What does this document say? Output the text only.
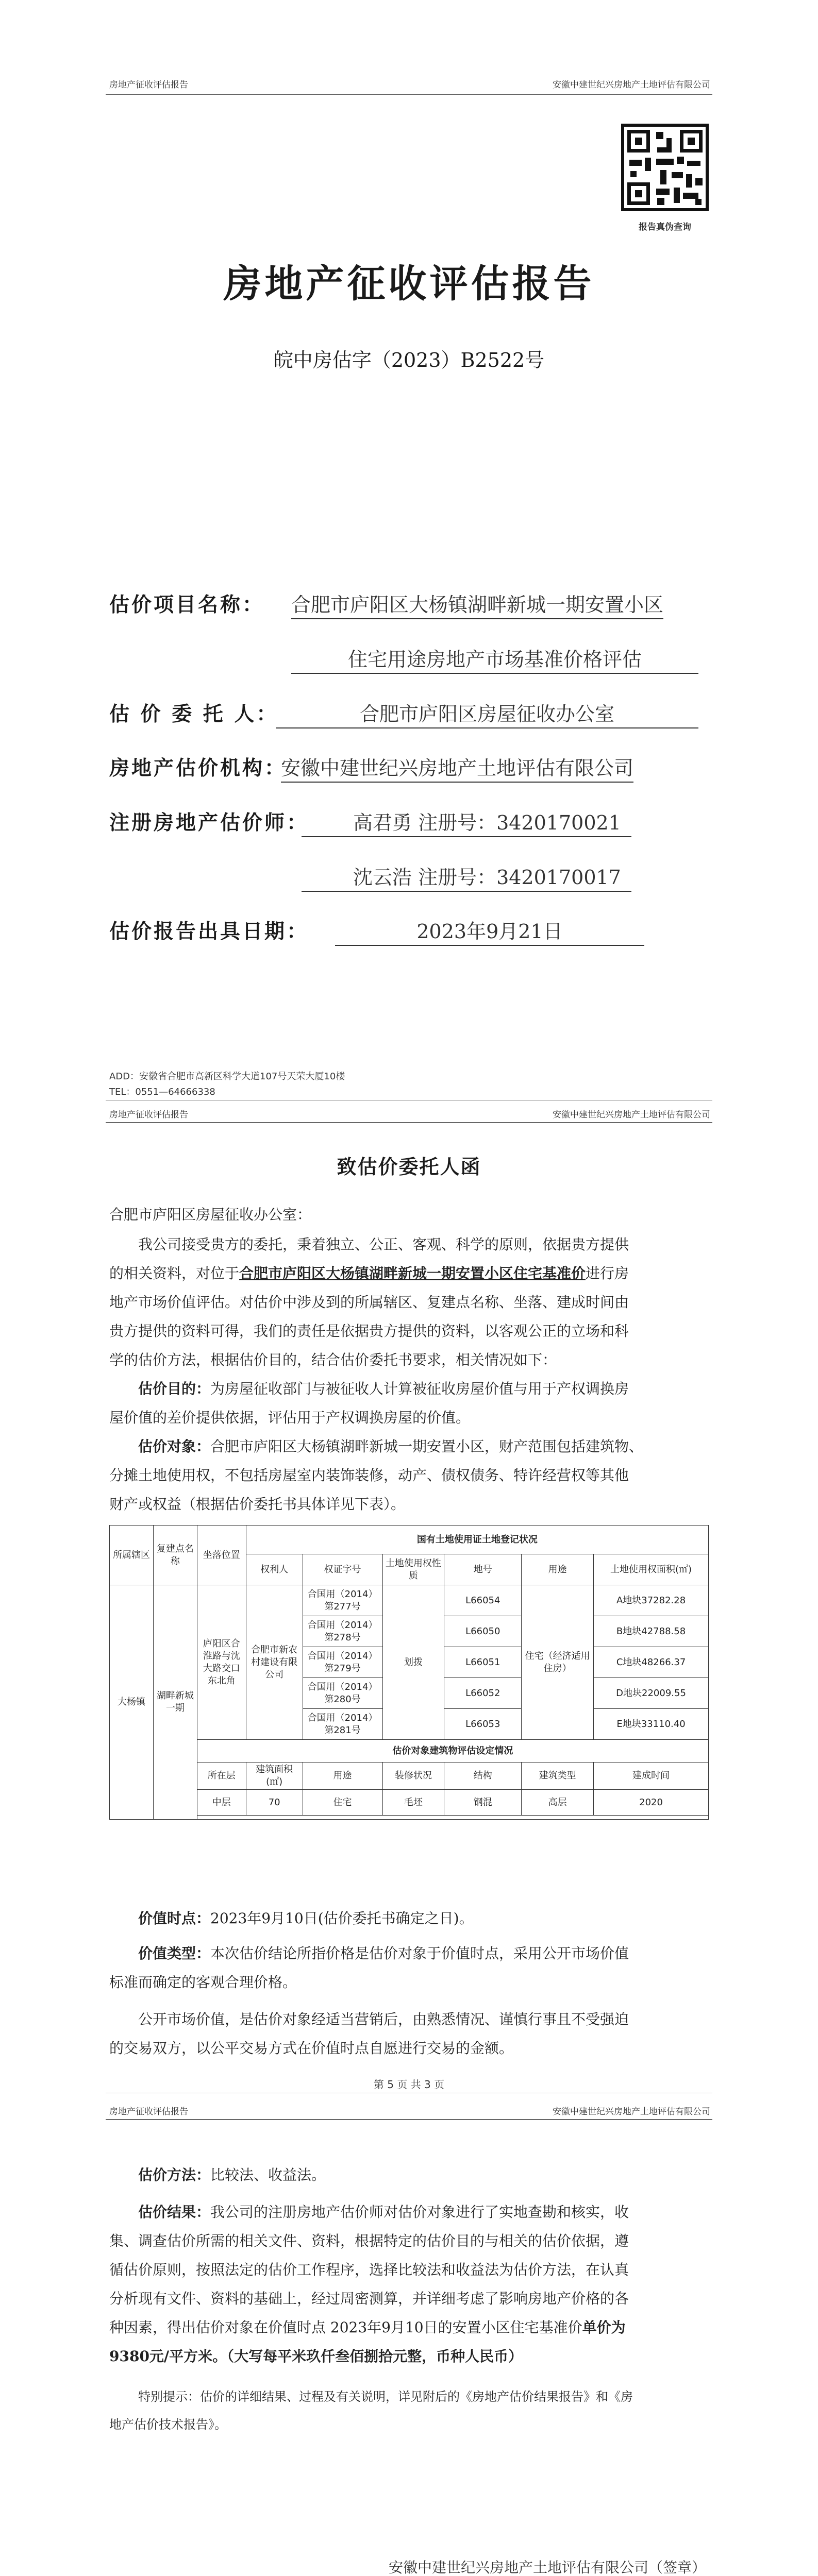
房地产征收评估报告	安徽中建世纪兴房地产土地评估有限公司
报告真伪查询
房地产征收评估报告
皖中房估字（2023）B2522号
估价项目名称： 合肥市庐阳区大杨镇湖畔新城一期安置小区
住宅用途房地产市场基准价格评估
估 价 委 托 人：	合肥市庐阳区房屋征收办公室
房地产估价机构：
安徽中建世纪兴房地产土地评估有限公司
注册房地产估价师：	高君勇 注册号：3420170021
沈云浩 注册号：3420170017
估价报告出具日期：	2023年9月21日
ADD：安徽省合肥市高新区科学大道107号天荣大厦10楼
TEL：0551—64666338
房地产征收评估报告	安徽中建世纪兴房地产土地评估有限公司
致估价委托人函
合肥市庐阳区房屋征收办公室：
我公司接受贵方的委托，秉着独立、公正、客观、科学的原则，依据贵方提供
的相关资料，对位于合肥市庐阳区大杨镇湖畔新城一期安置小区住宅基准价进行房
地产市场价值评估。对估价中涉及到的所属辖区、复建点名称、坐落、建成时间由
贵方提供的资料可得，我们的责任是依据贵方提供的资料，以客观公正的立场和科
学的估价方法，根据估价目的，结合估价委托书要求，相关情况如下：
估价目的：为房屋征收部门与被征收人计算被征收房屋价值与用于产权调换房
屋价值的差价提供依据，评估用于产权调换房屋的价值。
估价对象：合肥市庐阳区大杨镇湖畔新城一期安置小区，财产范围包括建筑物、
分摊土地使用权，不包括房屋室内装饰装修，动产、债权债务、特许经营权等其他
财产或权益（根据估价委托书具体详见下表）。
所属辖区	复建点名称	坐落位置	国有土地使用证土地登记状况					
			权利人	权证字号	土地使用权性质	地号	用途	土地使用权面积(㎡)
大杨镇	湖畔新城一期	庐阳区合淮路与沈大路交口东北角	合肥市新农村建设有限公司	合国用（2014）第277号	划拨	L66054	住宅（经济适用住房）	A地块37282.28
				合国用（2014）第278号		L66050		B地块42788.58
				合国用（2014）第279号		L66051		C地块48266.37
				合国用（2014）第280号		L66052		D地块22009.55
				合国用（2014）第281号		L66053		E地块33110.40
		估价对象建筑物评估设定情况						
		所在层	建筑面积(㎡)	用途	装修状况	结构	建筑类型	建成时间
		中层	70	住宅	毛坯	钢混	高层	2020

价值时点：2023年9月10日(估价委托书确定之日)。
价值类型：本次估价结论所指价格是估价对象于价值时点，采用公开市场价值
标准而确定的客观合理价格。
公开市场价值，是估价对象经适当营销后，由熟悉情况、谨慎行事且不受强迫
的交易双方，以公平交易方式在价值时点自愿进行交易的金额。
第 5 页 共 3 页
房地产征收评估报告	安徽中建世纪兴房地产土地评估有限公司
估价方法：比较法、收益法。
估价结果：我公司的注册房地产估价师对估价对象进行了实地查勘和核实，收
集、调查估价所需的相关文件、资料，根据特定的估价目的与相关的估价依据，遵
循估价原则，按照法定的估价工作程序，选择比较法和收益法为估价方法，在认真
分析现有文件、资料的基础上，经过周密测算，并详细考虑了影响房地产价格的各
种因素，得出估价对象在价值时点 2023年9月10日的安置小区住宅基准价单价为
9380元/平方米。（大写每平米玖仟叁佰捌拾元整，币种人民币）
特别提示：估价的详细结果、过程及有关说明，详见附后的《房地产估价结果报告》和《房
地产估价技术报告》。
安徽中建世纪兴房地产土地评估有限公司（签章）
